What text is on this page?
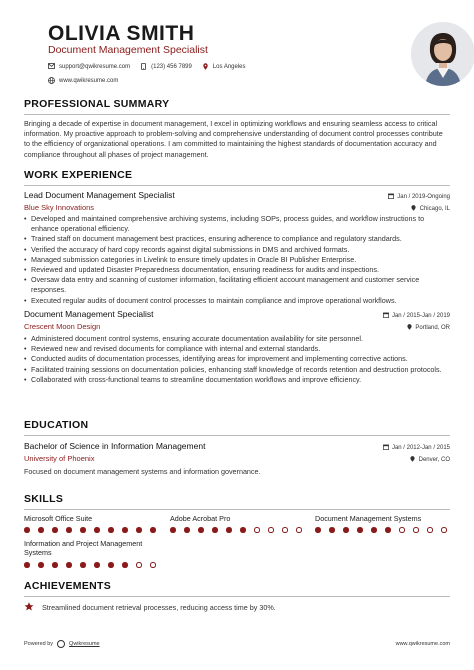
OLIVIA SMITH
Document Management Specialist
support@qwikresume.com	(123) 456 7899	Los Angeles
www.qwikresume.com
PROFESSIONAL SUMMARY
Bringing a decade of expertise in document management, I excel in optimizing workflows and ensuring seamless access to critical information. My proactive approach to problem-solving and comprehensive understanding of document control processes contribute to the efficiency of organizational operations. I am committed to maintaining the highest standards of documentation accuracy and compliance throughout all phases of project management.
WORK EXPERIENCE
Lead Document Management Specialist	Jan / 2019-Ongoing
Blue Sky Innovations	Chicago, IL
• Developed and maintained comprehensive archiving systems, including SOPs, process guides, and workflow instructions to enhance operational efficiency.
• Trained staff on document management best practices, ensuring adherence to compliance and regulatory standards.
• Verified the accuracy of hard copy records against digital submissions in DMS and archived formats.
• Managed submission categories in Livelink to ensure timely updates in Oracle BI Publisher Enterprise.
• Reviewed and updated Disaster Preparedness documentation, ensuring readiness for audits and inspections.
• Oversaw data entry and scanning of customer information, facilitating efficient account management and customer service responses.
• Executed regular audits of document control processes to maintain compliance and improve operational workflows.
Document Management Specialist	Jan / 2015-Jan / 2019
Crescent Moon Design	Portland, OR
• Administered document control systems, ensuring accurate documentation availability for site personnel.
• Reviewed new and revised documents for compliance with internal and external standards.
• Conducted audits of documentation processes, identifying areas for improvement and implementing corrective actions.
• Facilitated training sessions on documentation policies, enhancing staff knowledge of records retention and destruction protocols.
• Collaborated with cross-functional teams to streamline documentation workflows and improve efficiency.
EDUCATION
Bachelor of Science in Information Management	Jan / 2012-Jan / 2015
University of Phoenix	Denver, CO
Focused on document management systems and information governance.
SKILLS
Microsoft Office Suite	Adobe Acrobat Pro	Document Management Systems
Information and Project Management Systems
ACHIEVEMENTS
Streamlined document retrieval processes, reducing access time by 30%.
Powered by	Qwikresume	www.qwikresume.com
